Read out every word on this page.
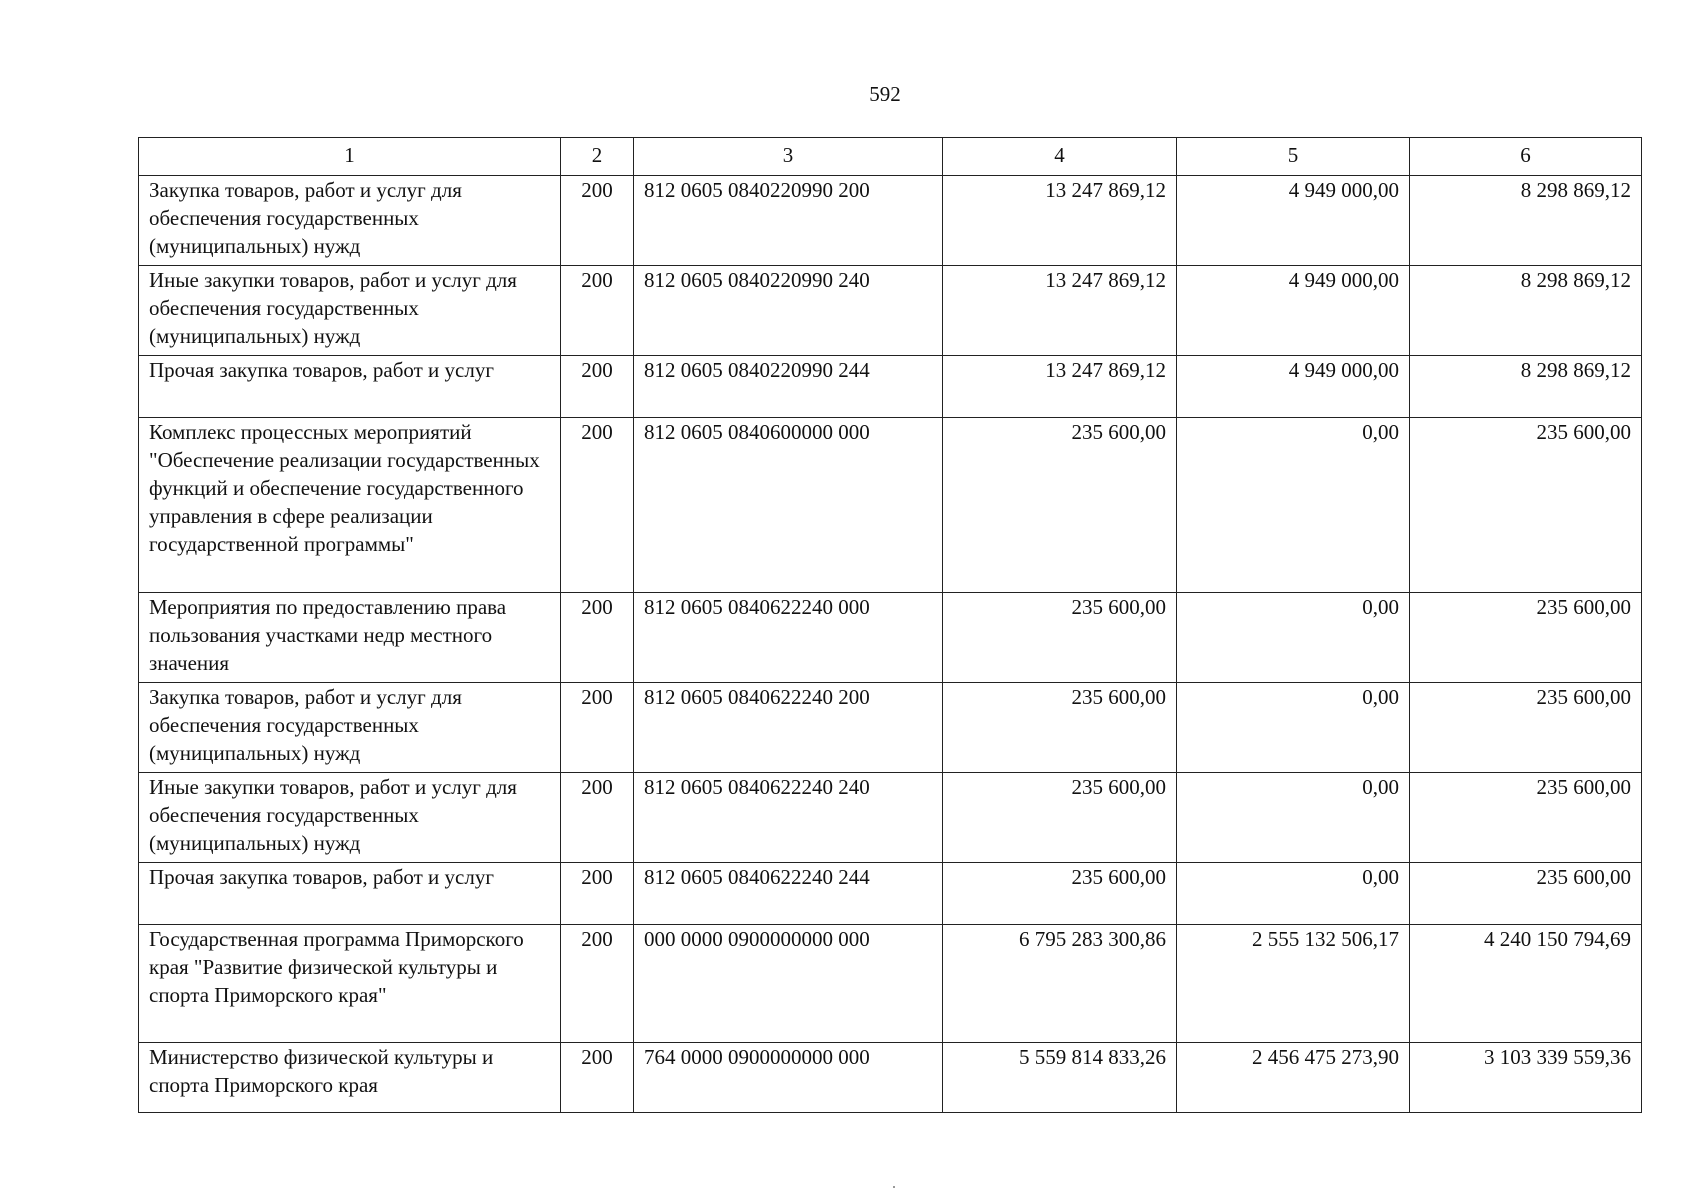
592
1	2	3	4	5	6
Закупка товаров, работ и услуг для обеспечения государственных (муниципальных) нужд	200	812 0605 0840220990 200	13 247 869,12	4 949 000,00	8 298 869,12
Иные закупки товаров, работ и услуг для обеспечения государственных (муниципальных) нужд	200	812 0605 0840220990 240	13 247 869,12	4 949 000,00	8 298 869,12
Прочая закупка товаров, работ и услуг	200	812 0605 0840220990 244	13 247 869,12	4 949 000,00	8 298 869,12
Комплекс процессных мероприятий "Обеспечение реализации государственных функций и обеспечение государственного управления в сфере реализации государственной программы"	200	812 0605 0840600000 000	235 600,00	0,00	235 600,00
Мероприятия по предоставлению права пользования участками недр местного значения	200	812 0605 0840622240 000	235 600,00	0,00	235 600,00
Закупка товаров, работ и услуг для обеспечения государственных (муниципальных) нужд	200	812 0605 0840622240 200	235 600,00	0,00	235 600,00
Иные закупки товаров, работ и услуг для обеспечения государственных (муниципальных) нужд	200	812 0605 0840622240 240	235 600,00	0,00	235 600,00
Прочая закупка товаров, работ и услуг	200	812 0605 0840622240 244	235 600,00	0,00	235 600,00
Государственная программа Приморского края "Развитие физической культуры и спорта Приморского края"	200	000 0000 0900000000 000	6 795 283 300,86	2 555 132 506,17	4 240 150 794,69
Министерство физической культуры и спорта Приморского края	200	764 0000 0900000000 000	5 559 814 833,26	2 456 475 273,90	3 103 339 559,36
